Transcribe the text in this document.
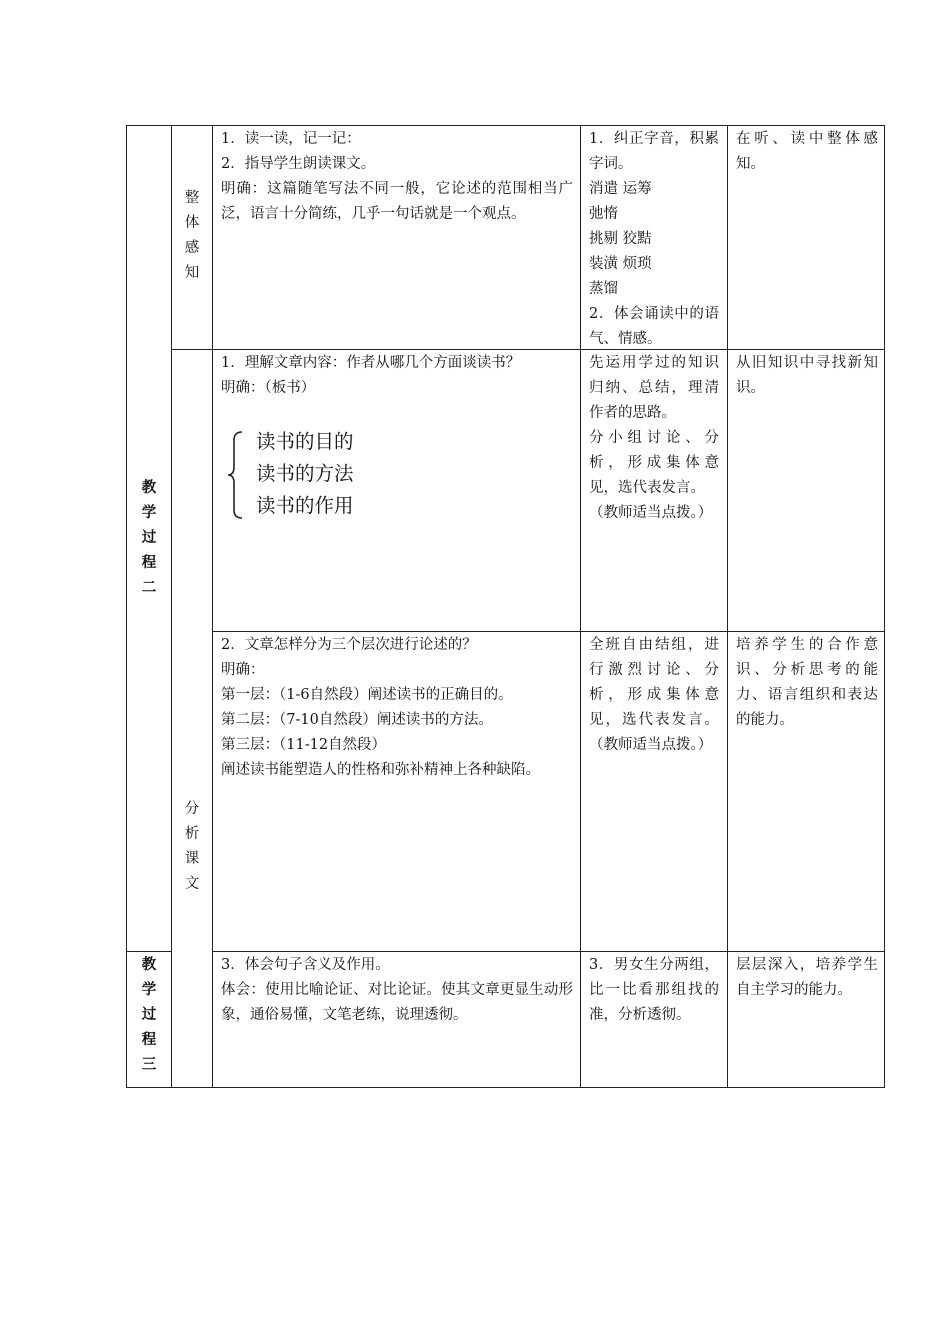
教
学
过
程
二
教
学
过
程
三
整
体
感
知
分
析
课
文
1．读一读，记一记：
2．指导学生朗读课文。
明确：这篇随笔写法不同一般，它论述的范围相当广泛，语言十分简练，几乎一句话就是一个观点。
1．纠正字音，积累字词。
消遣 运筹
弛惰
挑剔 狡黠
装潢 烦琐
蒸馏
2．体会诵读中的语气、情感。
在听、读中整体感知。
1．理解文章内容：作者从哪几个方面谈读书？
明确：（板书）
读书的目的
读书的方法
读书的作用
先运用学过的知识归纳、总结，理清作者的思路。
分小组讨论、分析，形成集体意见，选代表发言。
（教师适当点拨。）
从旧知识中寻找新知识。
2．文章怎样分为三个层次进行论述的？
明确：
第一层：（1-6自然段）阐述读书的正确目的。
第二层：（7-10自然段）阐述读书的方法。
第三层：（11-12自然段）
阐述读书能塑造人的性格和弥补精神上各种缺陷。
全班自由结组，进行激烈讨论、分析，形成集体意见，选代表发言。（教师适当点拨。）
培养学生的合作意识、分析思考的能力、语言组织和表达的能力。
3．体会句子含义及作用。
体会：使用比喻论证、对比论证。使其文章更显生动形象，通俗易懂，文笔老练，说理透彻。
3．男女生分两组，比一比看那组找的准，分析透彻。
层层深入，培养学生自主学习的能力。
